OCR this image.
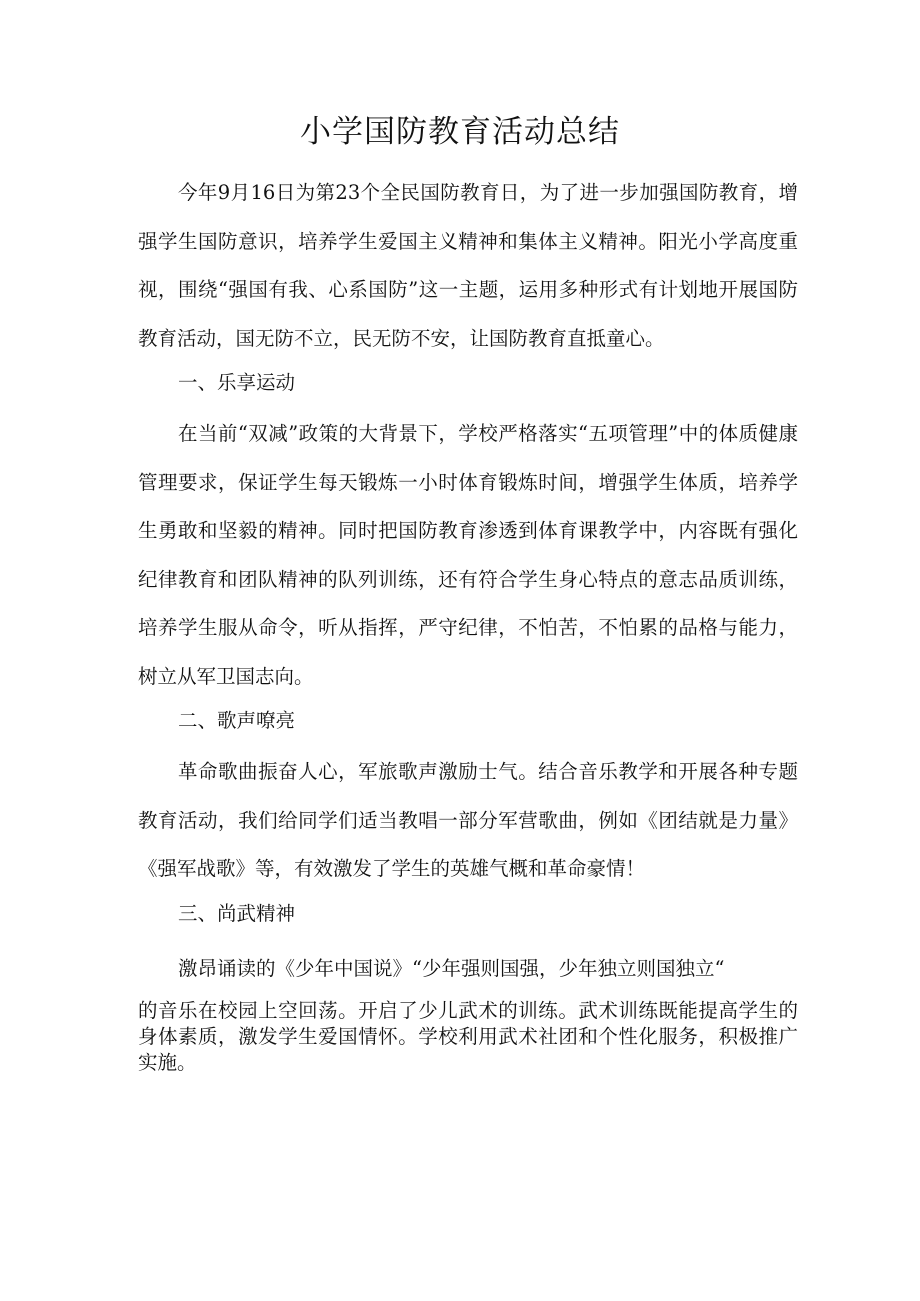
小学国防教育活动总结

今年9月16日为第23个全民国防教育日，为了进一步加强国防教育，增强学生国防意识，培养学生爱国主义精神和集体主义精神。阳光小学高度重视，围绕“强国有我、心系国防”这一主题，运用多种形式有计划地开展国防教育活动，国无防不立，民无防不安，让国防教育直抵童心。

一、乐享运动

在当前“双减”政策的大背景下，学校严格落实“五项管理”中的体质健康管理要求，保证学生每天锻炼一小时体育锻炼时间，增强学生体质，培养学生勇敢和坚毅的精神。同时把国防教育渗透到体育课教学中，内容既有强化纪律教育和团队精神的队列训练，还有符合学生身心特点的意志品质训练，培养学生服从命令，听从指挥，严守纪律，不怕苦，不怕累的品格与能力，树立从军卫国志向。

二、歌声嘹亮

革命歌曲振奋人心，军旅歌声激励士气。结合音乐教学和开展各种专题教育活动，我们给同学们适当教唱一部分军营歌曲，例如《团结就是力量》《强军战歌》等，有效激发了学生的英雄气概和革命豪情！

三、尚武精神

激昂诵读的《少年中国说》“少年强则国强，少年独立则国独立“

的音乐在校园上空回荡。开启了少儿武术的训练。武术训练既能提高学生的身体素质，激发学生爱国情怀。学校利用武术社团和个性化服务，积极推广实施。
